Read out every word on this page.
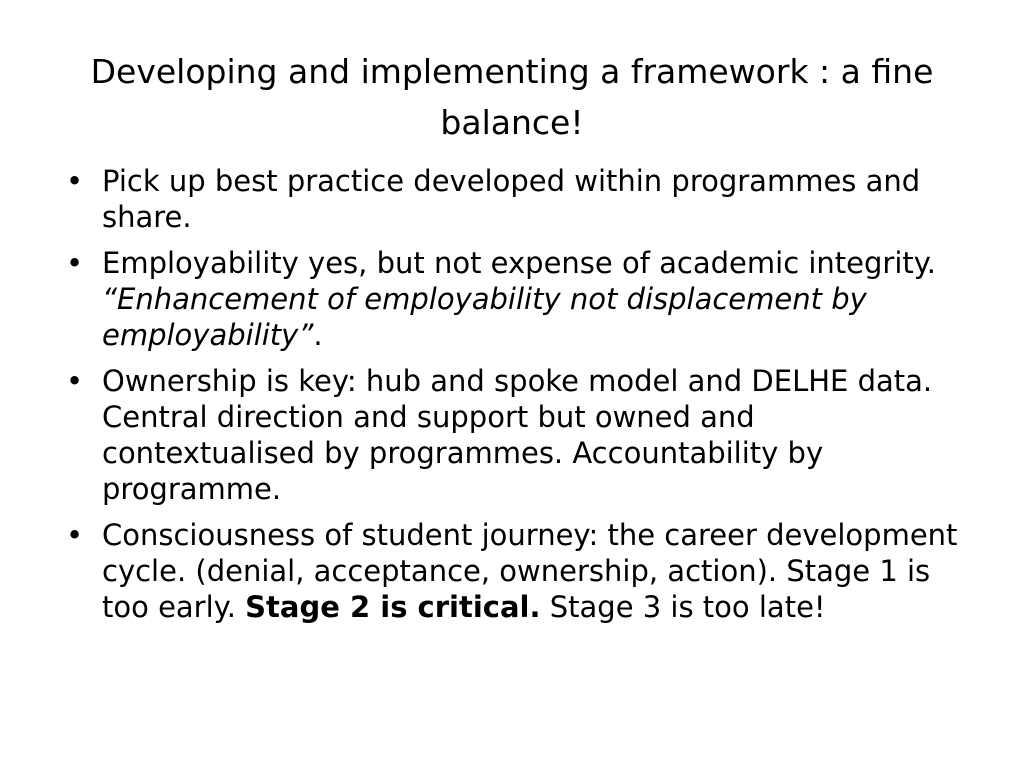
Developing and implementing a framework : a fine balance!
• Pick up best practice developed within programmes and share.
• Employability yes, but not expense of academic integrity. “Enhancement of employability not displacement by employability”.
• Ownership is key: hub and spoke model and DELHE data. Central direction and support but owned and contextualised by programmes. Accountability by programme.
• Consciousness of student journey: the career development cycle. (denial, acceptance, ownership, action). Stage 1 is too early. Stage 2 is critical. Stage 3 is too late!
